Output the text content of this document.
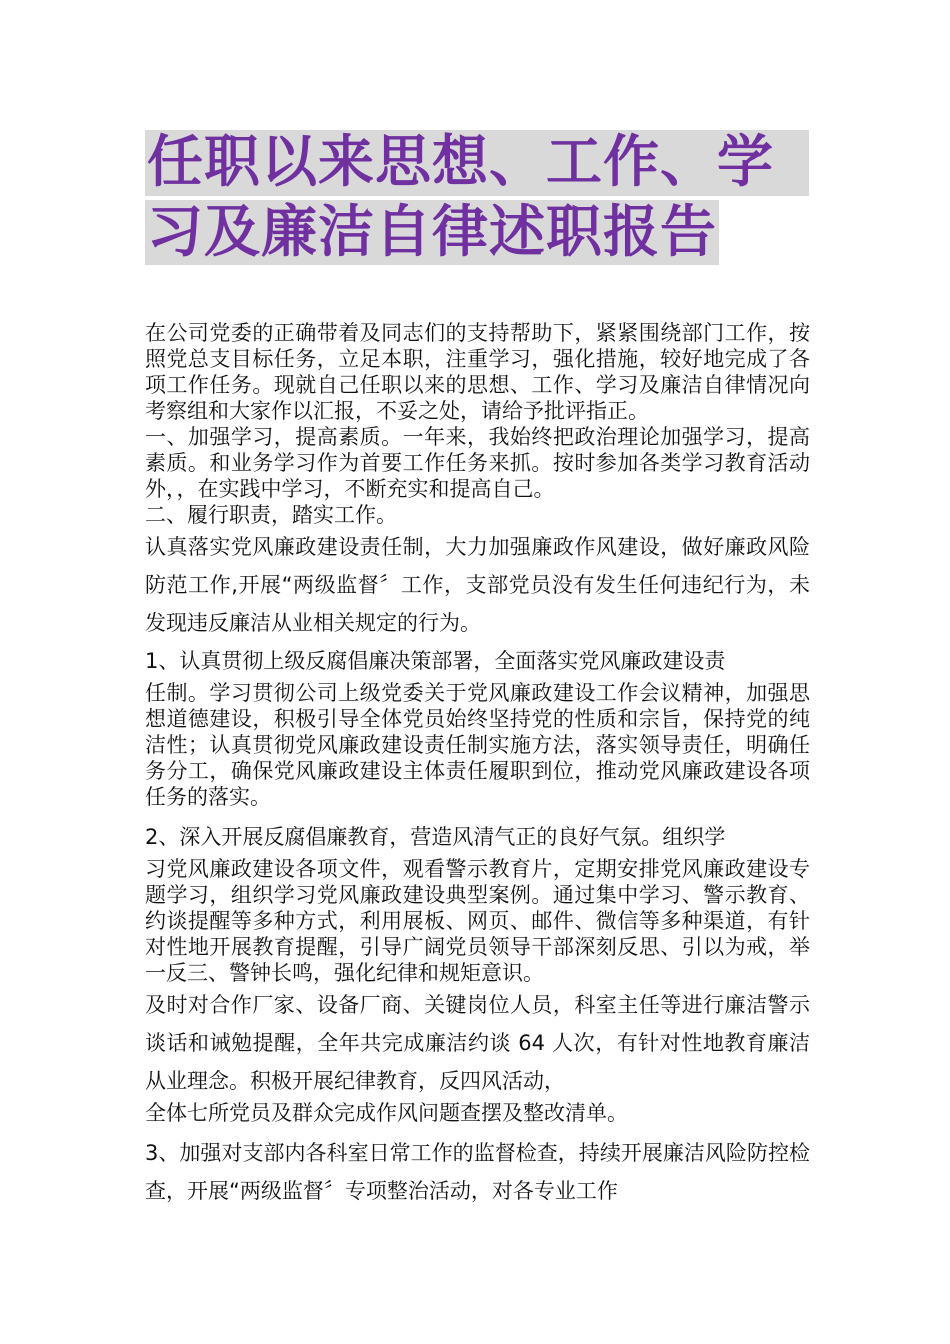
任职以来思想、工作、学
习及廉洁自律述职报告

在公司党委的正确带着及同志们的支持帮助下，紧紧围绕部门工作，按照党总支目标任务，立足本职，注重学习，强化措施，较好地完成了各项工作任务。现就自己任职以来的思想、工作、学习及廉洁自律情况向考察组和大家作以汇报，不妥之处，请给予批评指正。

一、加强学习，提高素质。一年来，我始终把政治理论加强学习，提高素质。和业务学习作为首要工作任务来抓。按时参加各类学习教育活动外，，在实践中学习，不断充实和提高自己。

二、履行职责，踏实工作。

认真落实党风廉政建设责任制，大力加强廉政作风建设，做好廉政风险防范工作,开展“两级监督〞工作，支部党员没有发生任何违纪行为，未发现违反廉洁从业相关规定的行为。

1、认真贯彻上级反腐倡廉决策部署，全面落实党风廉政建设责

任制。学习贯彻公司上级党委关于党风廉政建设工作会议精神，加强思想道德建设，积极引导全体党员始终坚持党的性质和宗旨，保持党的纯洁性；认真贯彻党风廉政建设责任制实施方法，落实领导责任，明确任务分工，确保党风廉政建设主体责任履职到位，推动党风廉政建设各项任务的落实。

2、深入开展反腐倡廉教育，营造风清气正的良好气氛。组织学

习党风廉政建设各项文件，观看警示教育片，定期安排党风廉政建设专题学习，组织学习党风廉政建设典型案例。通过集中学习、警示教育、约谈提醒等多种方式，利用展板、网页、邮件、微信等多种渠道，有针对性地开展教育提醒，引导广阔党员领导干部深刻反思、引以为戒，举一反三、警钟长鸣，强化纪律和规矩意识。

及时对合作厂家、设备厂商、关键岗位人员，科室主任等进行廉洁警示谈话和诫勉提醒，全年共完成廉洁约谈 64 人次，有针对性地教育廉洁从业理念。积极开展纪律教育，反四风活动，

全体七所党员及群众完成作风问题查摆及整改清单。

3、加强对支部内各科室日常工作的监督检查，持续开展廉洁风险防控检查，开展“两级监督〞专项整治活动，对各专业工作
